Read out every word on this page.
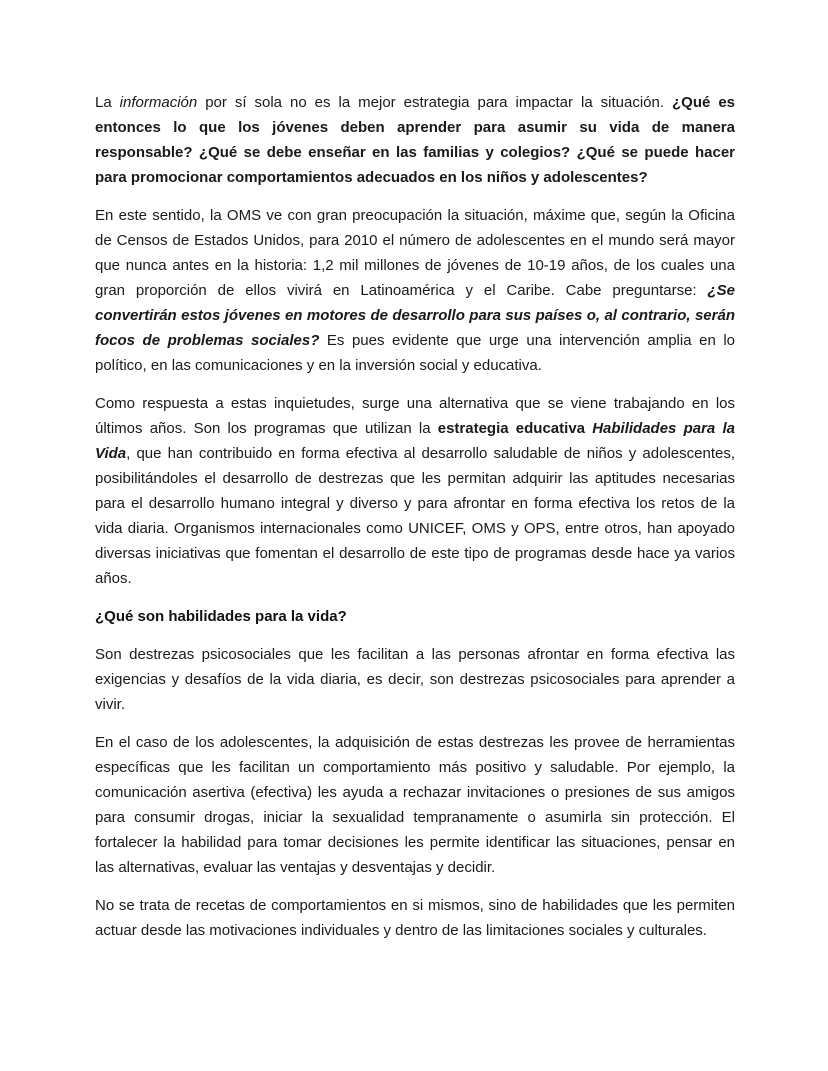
La información por sí sola no es la mejor estrategia para impactar la situación. ¿Qué es entonces lo que los jóvenes deben aprender para asumir su vida de manera responsable? ¿Qué se debe enseñar en las familias y colegios? ¿Qué se puede hacer para promocionar comportamientos adecuados en los niños y adolescentes?

En este sentido, la OMS ve con gran preocupación la situación, máxime que, según la Oficina de Censos de Estados Unidos, para 2010 el número de adolescentes en el mundo será mayor que nunca antes en la historia: 1,2 mil millones de jóvenes de 10-19 años, de los cuales una gran proporción de ellos vivirá en Latinoamérica y el Caribe. Cabe preguntarse: ¿Se convertirán estos jóvenes en motores de desarrollo para sus países o, al contrario, serán focos de problemas sociales? Es pues evidente que urge una intervención amplia en lo político, en las comunicaciones y en la inversión social y educativa.

Como respuesta a estas inquietudes, surge una alternativa que se viene trabajando en los últimos años. Son los programas que utilizan la estrategia educativa Habilidades para la Vida, que han contribuido en forma efectiva al desarrollo saludable de niños y adolescentes, posibilitándoles el desarrollo de destrezas que les permitan adquirir las aptitudes necesarias para el desarrollo humano integral y diverso y para afrontar en forma efectiva los retos de la vida diaria. Organismos internacionales como UNICEF, OMS y OPS, entre otros, han apoyado diversas iniciativas que fomentan el desarrollo de este tipo de programas desde hace ya varios años.

¿Qué son habilidades para la vida?

Son destrezas psicosociales que les facilitan a las personas afrontar en forma efectiva las exigencias y desafíos de la vida diaria, es decir, son destrezas psicosociales para aprender a vivir.

En el caso de los adolescentes, la adquisición de estas destrezas les provee de herramientas específicas que les facilitan un comportamiento más positivo y saludable. Por ejemplo, la comunicación asertiva (efectiva) les ayuda a rechazar invitaciones o presiones de sus amigos para consumir drogas, iniciar la sexualidad tempranamente o asumirla sin protección. El fortalecer la habilidad para tomar decisiones les permite identificar las situaciones, pensar en las alternativas, evaluar las ventajas y desventajas y decidir.

No se trata de recetas de comportamientos en si mismos, sino de habilidades que les permiten actuar desde las motivaciones individuales y dentro de las limitaciones sociales y culturales.
